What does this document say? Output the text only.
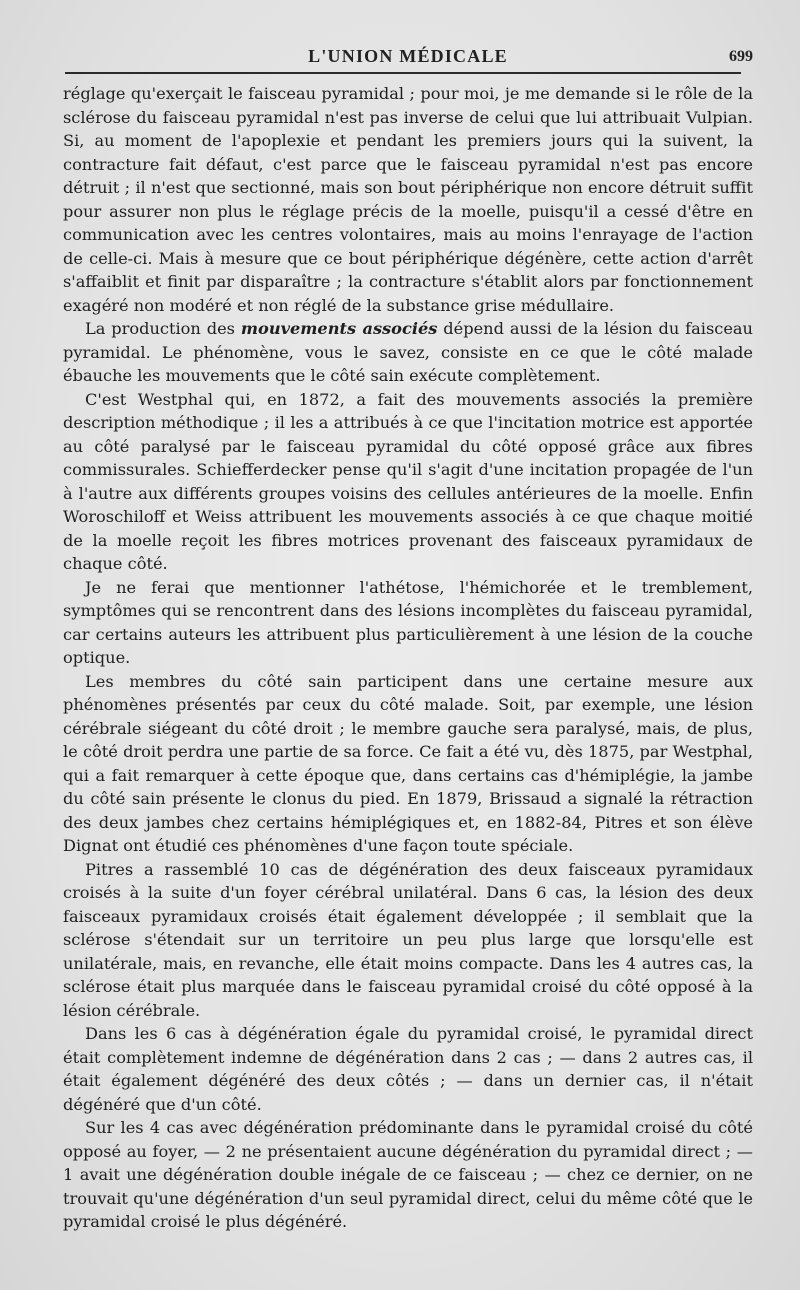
L'UNION MÉDICALE	699

réglage qu'exerçait le faisceau pyramidal ; pour moi, je me demande si le rôle de la sclérose du faisceau pyramidal n'est pas inverse de celui que lui attribuait Vulpian. Si, au moment de l'apoplexie et pendant les premiers jours qui la suivent, la contracture fait défaut, c'est parce que le faisceau pyramidal n'est pas encore détruit ; il n'est que sectionné, mais son bout périphérique non encore détruit suffit pour assurer non plus le réglage précis de la moelle, puisqu'il a cessé d'être en communication avec les centres volontaires, mais au moins l'enrayage de l'action de celle-ci. Mais à mesure que ce bout périphérique dégénère, cette action d'arrêt s'affaiblit et finit par disparaître ; la contracture s'établit alors par fonctionnement exagéré non modéré et non réglé de la substance grise médullaire.

La production des mouvements associés dépend aussi de la lésion du faisceau pyramidal. Le phénomène, vous le savez, consiste en ce que le côté malade ébauche les mouvements que le côté sain exécute complètement.

C'est Westphal qui, en 1872, a fait des mouvements associés la première description méthodique ; il les a attribués à ce que l'incitation motrice est apportée au côté paralysé par le faisceau pyramidal du côté opposé grâce aux fibres commissurales. Schiefferdecker pense qu'il s'agit d'une incitation propagée de l'un à l'autre aux différents groupes voisins des cellules antérieures de la moelle. Enfin Woroschiloff et Weiss attribuent les mouvements associés à ce que chaque moitié de la moelle reçoit les fibres motrices provenant des faisceaux pyramidaux de chaque côté.

Je ne ferai que mentionner l'athétose, l'hémichorée et le tremblement, symptômes qui se rencontrent dans des lésions incomplètes du faisceau pyramidal, car certains auteurs les attribuent plus particulièrement à une lésion de la couche optique.

Les membres du côté sain participent dans une certaine mesure aux phénomènes présentés par ceux du côté malade. Soit, par exemple, une lésion cérébrale siégeant du côté droit ; le membre gauche sera paralysé, mais, de plus, le côté droit perdra une partie de sa force. Ce fait a été vu, dès 1875, par Westphal, qui a fait remarquer à cette époque que, dans certains cas d'hémiplégie, la jambe du côté sain présente le clonus du pied. En 1879, Brissaud a signalé la rétraction des deux jambes chez certains hémiplégiques et, en 1882-84, Pitres et son élève Dignat ont étudié ces phénomènes d'une façon toute spéciale.

Pitres a rassemblé 10 cas de dégénération des deux faisceaux pyramidaux croisés à la suite d'un foyer cérébral unilatéral. Dans 6 cas, la lésion des deux faisceaux pyramidaux croisés était également développée ; il semblait que la sclérose s'étendait sur un territoire un peu plus large que lorsqu'elle est unilatérale, mais, en revanche, elle était moins compacte. Dans les 4 autres cas, la sclérose était plus marquée dans le faisceau pyramidal croisé du côté opposé à la lésion cérébrale.

Dans les 6 cas à dégénération égale du pyramidal croisé, le pyramidal direct était complètement indemne de dégénération dans 2 cas ; — dans 2 autres cas, il était également dégénéré des deux côtés ; — dans un dernier cas, il n'était dégénéré que d'un côté.

Sur les 4 cas avec dégénération prédominante dans le pyramidal croisé du côté opposé au foyer, — 2 ne présentaient aucune dégénération du pyramidal direct ; — 1 avait une dégénération double inégale de ce faisceau ; — chez ce dernier, on ne trouvait qu'une dégénération d'un seul pyramidal direct, celui du même côté que le pyramidal croisé le plus dégénéré.
